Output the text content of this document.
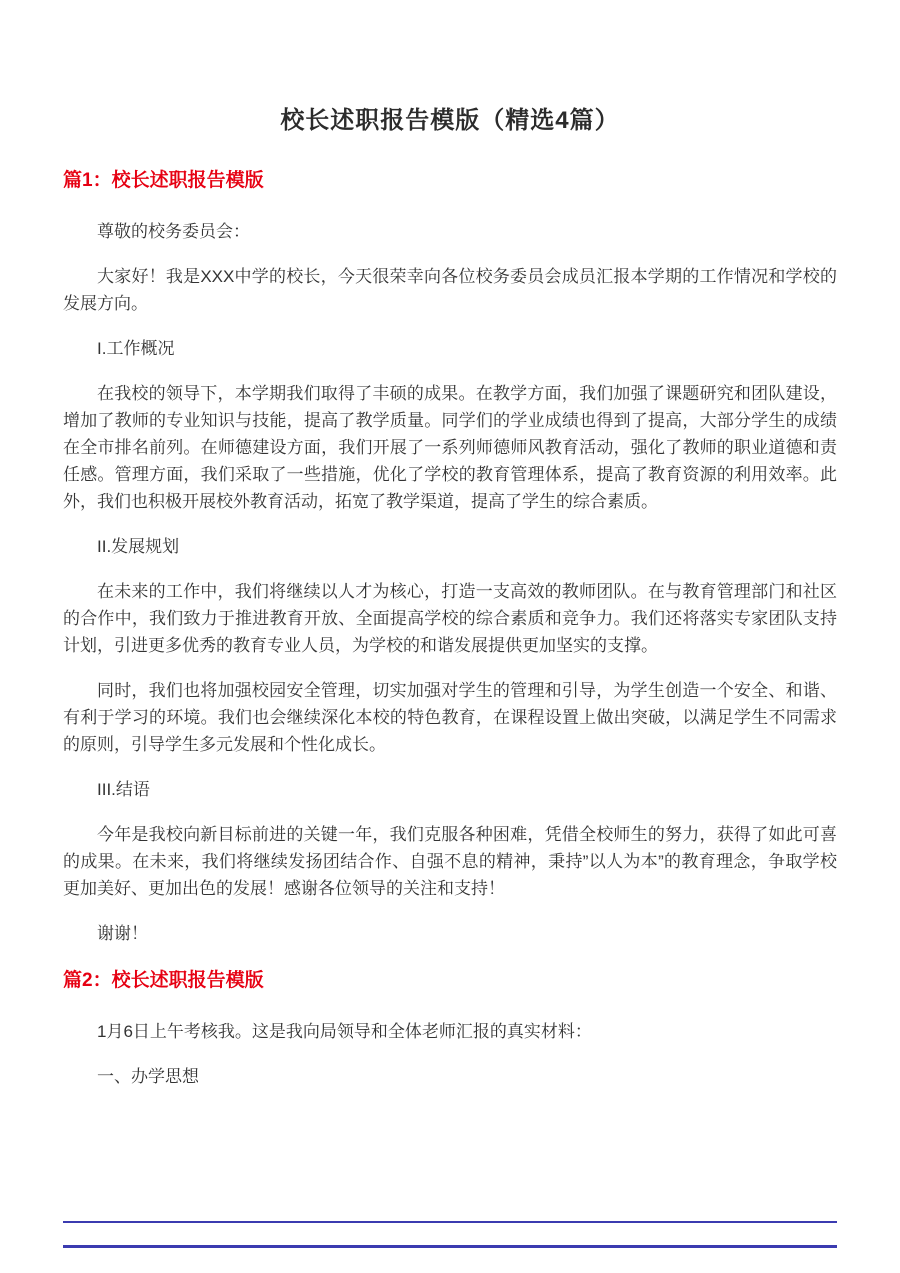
校长述职报告模版（精选4篇）
篇1：校长述职报告模版

尊敬的校务委员会：

大家好！我是XXX中学的校长，今天很荣幸向各位校务委员会成员汇报本学期的工作情况和学校的发展方向。

I.工作概况

在我校的领导下，本学期我们取得了丰硕的成果。在教学方面，我们加强了课题研究和团队建设，增加了教师的专业知识与技能，提高了教学质量。同学们的学业成绩也得到了提高，大部分学生的成绩在全市排名前列。在师德建设方面，我们开展了一系列师德师风教育活动，强化了教师的职业道德和责任感。管理方面，我们采取了一些措施，优化了学校的教育管理体系，提高了教育资源的利用效率。此外，我们也积极开展校外教育活动，拓宽了教学渠道，提高了学生的综合素质。

II.发展规划

在未来的工作中，我们将继续以人才为核心，打造一支高效的教师团队。在与教育管理部门和社区的合作中，我们致力于推进教育开放、全面提高学校的综合素质和竞争力。我们还将落实专家团队支持计划，引进更多优秀的教育专业人员，为学校的和谐发展提供更加坚实的支撑。

同时，我们也将加强校园安全管理，切实加强对学生的管理和引导，为学生创造一个安全、和谐、有利于学习的环境。我们也会继续深化本校的特色教育，在课程设置上做出突破，以满足学生不同需求的原则，引导学生多元发展和个性化成长。

III.结语

今年是我校向新目标前进的关键一年，我们克服各种困难，凭借全校师生的努力，获得了如此可喜的成果。在未来，我们将继续发扬团结合作、自强不息的精神，秉持”以人为本”的教育理念，争取学校更加美好、更加出色的发展！感谢各位领导的关注和支持！

谢谢！

篇2：校长述职报告模版

1月6日上午考核我。这是我向局领导和全体老师汇报的真实材料：

一、办学思想
